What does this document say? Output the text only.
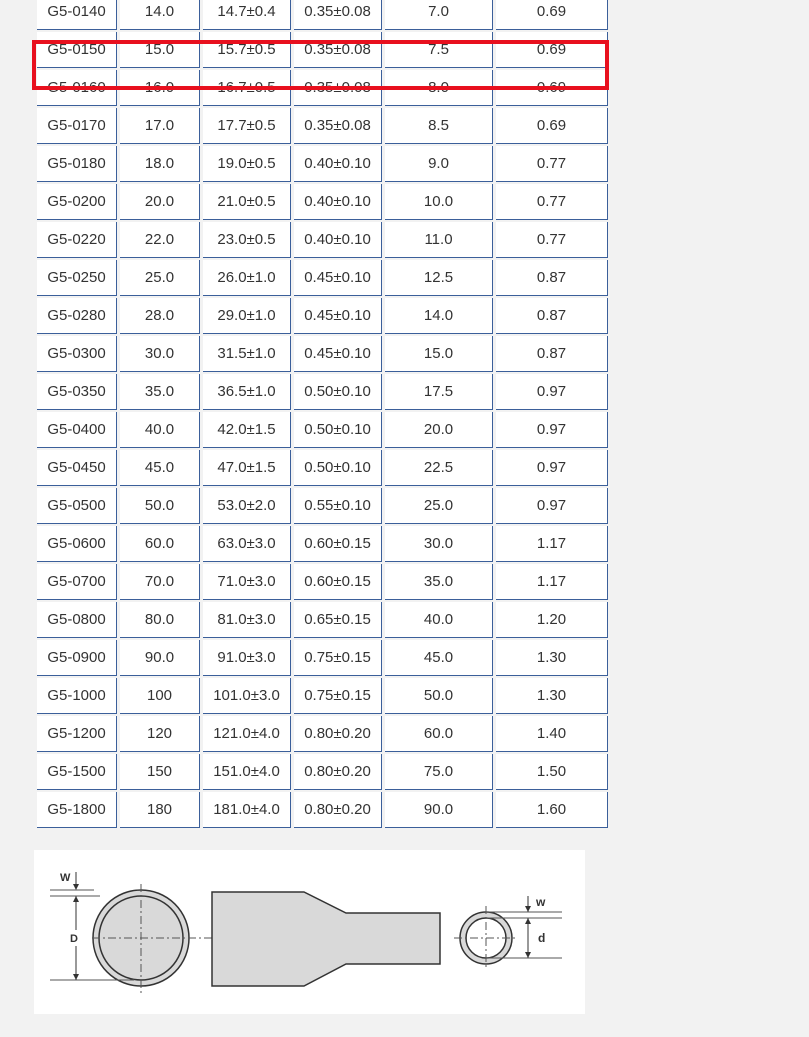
G5-0140	14.0	14.7±0.4	0.35±0.08	7.0	0.69
G5-0150	15.0	15.7±0.5	0.35±0.08	7.5	0.69
G5-0160	16.0	16.7±0.5	0.35±0.08	8.0	0.69
G5-0170	17.0	17.7±0.5	0.35±0.08	8.5	0.69
G5-0180	18.0	19.0±0.5	0.40±0.10	9.0	0.77
G5-0200	20.0	21.0±0.5	0.40±0.10	10.0	0.77
G5-0220	22.0	23.0±0.5	0.40±0.10	11.0	0.77
G5-0250	25.0	26.0±1.0	0.45±0.10	12.5	0.87
G5-0280	28.0	29.0±1.0	0.45±0.10	14.0	0.87
G5-0300	30.0	31.5±1.0	0.45±0.10	15.0	0.87
G5-0350	35.0	36.5±1.0	0.50±0.10	17.5	0.97
G5-0400	40.0	42.0±1.5	0.50±0.10	20.0	0.97
G5-0450	45.0	47.0±1.5	0.50±0.10	22.5	0.97
G5-0500	50.0	53.0±2.0	0.55±0.10	25.0	0.97
G5-0600	60.0	63.0±3.0	0.60±0.15	30.0	1.17
G5-0700	70.0	71.0±3.0	0.60±0.15	35.0	1.17
G5-0800	80.0	81.0±3.0	0.65±0.15	40.0	1.20
G5-0900	90.0	91.0±3.0	0.75±0.15	45.0	1.30
G5-1000	100	101.0±3.0	0.75±0.15	50.0	1.30
G5-1200	120	121.0±4.0	0.80±0.20	60.0	1.40
G5-1500	150	151.0±4.0	0.80±0.20	75.0	1.50
G5-1800	180	181.0±4.0	0.80±0.20	90.0	1.60
W
D
w
d
